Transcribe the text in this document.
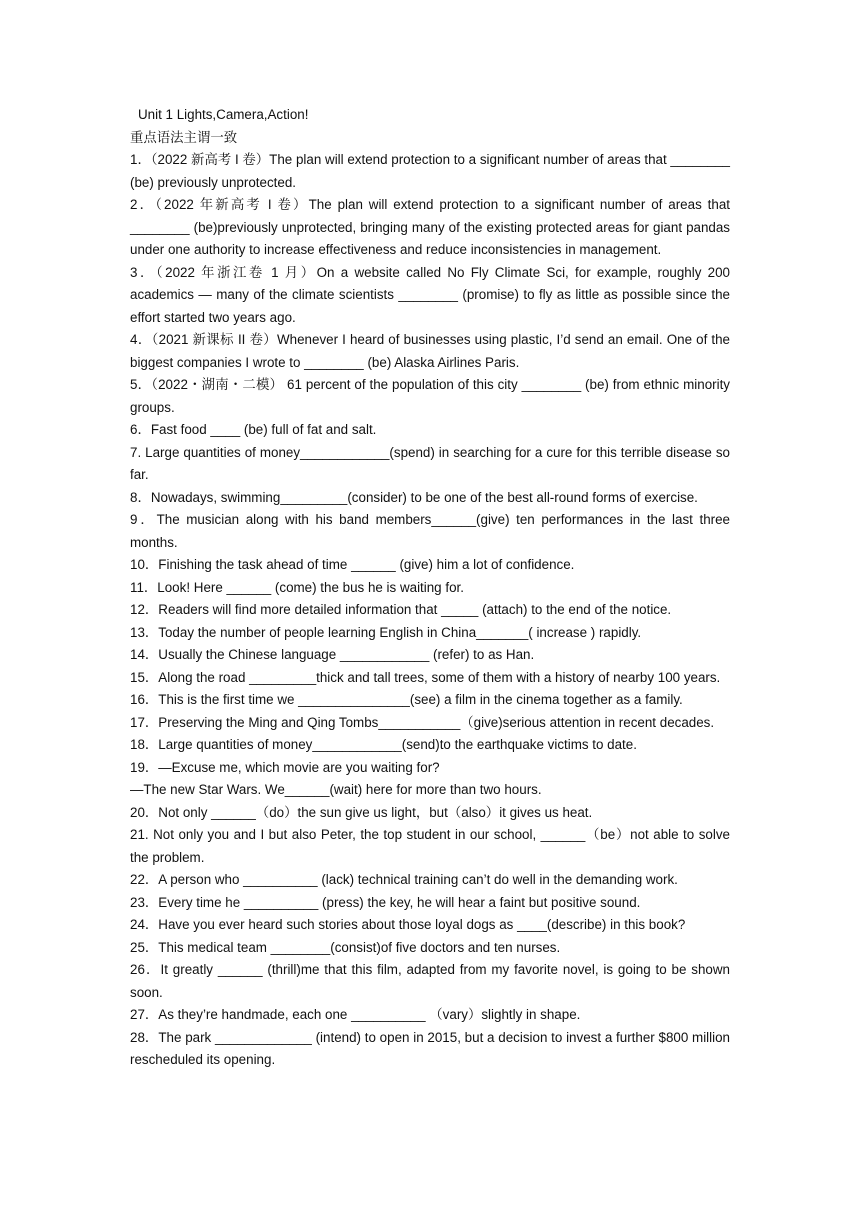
Unit 1 Lights,Camera,Action!
重点语法主谓一致

1．（2022 新高考 I 卷）The plan will extend protection to a significant number of areas that ________ (be) previously unprotected.

2．（2022 年新高考 I 卷）The plan will extend protection to a significant number of areas that ________ (be)previously unprotected, bringing many of the existing protected areas for giant pandas under one authority to increase effectiveness and reduce inconsistencies in management.

3．（2022 年浙江卷 1 月）On a website called No Fly Climate Sci, for example, roughly 200 academics — many of the climate scientists ________ (promise) to fly as little as possible since the effort started two years ago.

4．（2021 新课标 II 卷）Whenever I heard of businesses using plastic, I’d send an email. One of the biggest companies I wrote to ________ (be) Alaska Airlines Paris.

5．（2022・湖南・二模） 61 percent of the population of this city ________ (be) from ethnic minority groups.

6．Fast food ____ (be) full of fat and salt.

7. Large quantities of money____________(spend) in searching for a cure for this terrible disease so far.

8．Nowadays, swimming_________(consider) to be one of the best all-round forms of exercise.

9．The musician along with his band members______(give) ten performances in the last three months.

10．Finishing the task ahead of time ______ (give) him a lot of confidence.

11．Look! Here ______ (come) the bus he is waiting for.

12．Readers will find more detailed information that _____ (attach) to the end of the notice.

13．Today the number of people learning English in China_______( increase ) rapidly.

14．Usually the Chinese language ____________ (refer) to as Han.

15．Along the road _________thick and tall trees, some of them with a history of nearby 100 years.

16．This is the first time we _______________(see) a film in the cinema together as a family.

17．Preserving the Ming and Qing Tombs___________（give)serious attention in recent decades.

18．Large quantities of money____________(send)to the earthquake victims to date.

19．—Excuse me, which movie are you waiting for?

—The new Star Wars. We______(wait) here for more than two hours.

20．Not only ______（do）the sun give us light，but（also）it gives us heat.

21. Not only you and I but also Peter, the top student in our school, ______（be）not able to solve the problem.

22．A person who __________ (lack) technical training can’t do well in the demanding work.

23．Every time he __________ (press) the key, he will hear a faint but positive sound.

24．Have you ever heard such stories about those loyal dogs as ____(describe) in this book?

25．This medical team ________(consist)of five doctors and ten nurses.

26．It greatly ______ (thrill)me that this film, adapted from my favorite novel, is going to be shown soon.

27．As they’re handmade, each one __________ （vary）slightly in shape.

28．The park _____________ (intend) to open in 2015, but a decision to invest a further $800 million rescheduled its opening.
